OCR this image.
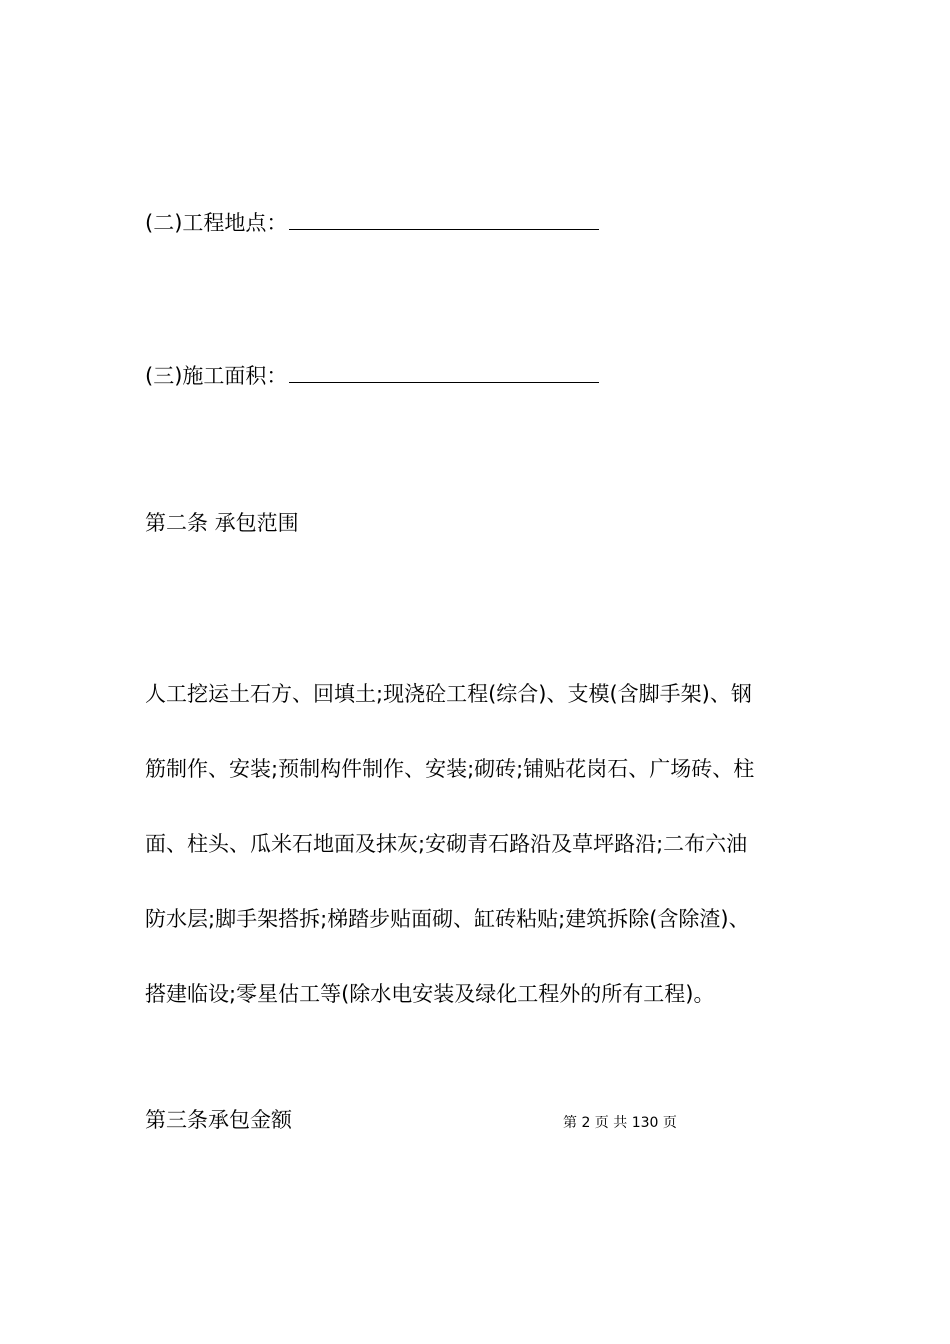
(二)工程地点：
(三)施工面积：
第二条 承包范围

人工挖运土石方、回填土;现浇砼工程(综合)、支模(含脚手架)、钢
筋制作、安装;预制构件制作、安装;砌砖;铺贴花岗石、广场砖、柱
面、柱头、瓜米石地面及抹灰;安砌青石路沿及草坪路沿;二布六油
防水层;脚手架搭拆;梯踏步贴面砌、缸砖粘贴;建筑拆除(含除渣)、
搭建临设;零星估工等(除水电安装及绿化工程外的所有工程)。

第三条承包金额	第 2 页 共 130 页
